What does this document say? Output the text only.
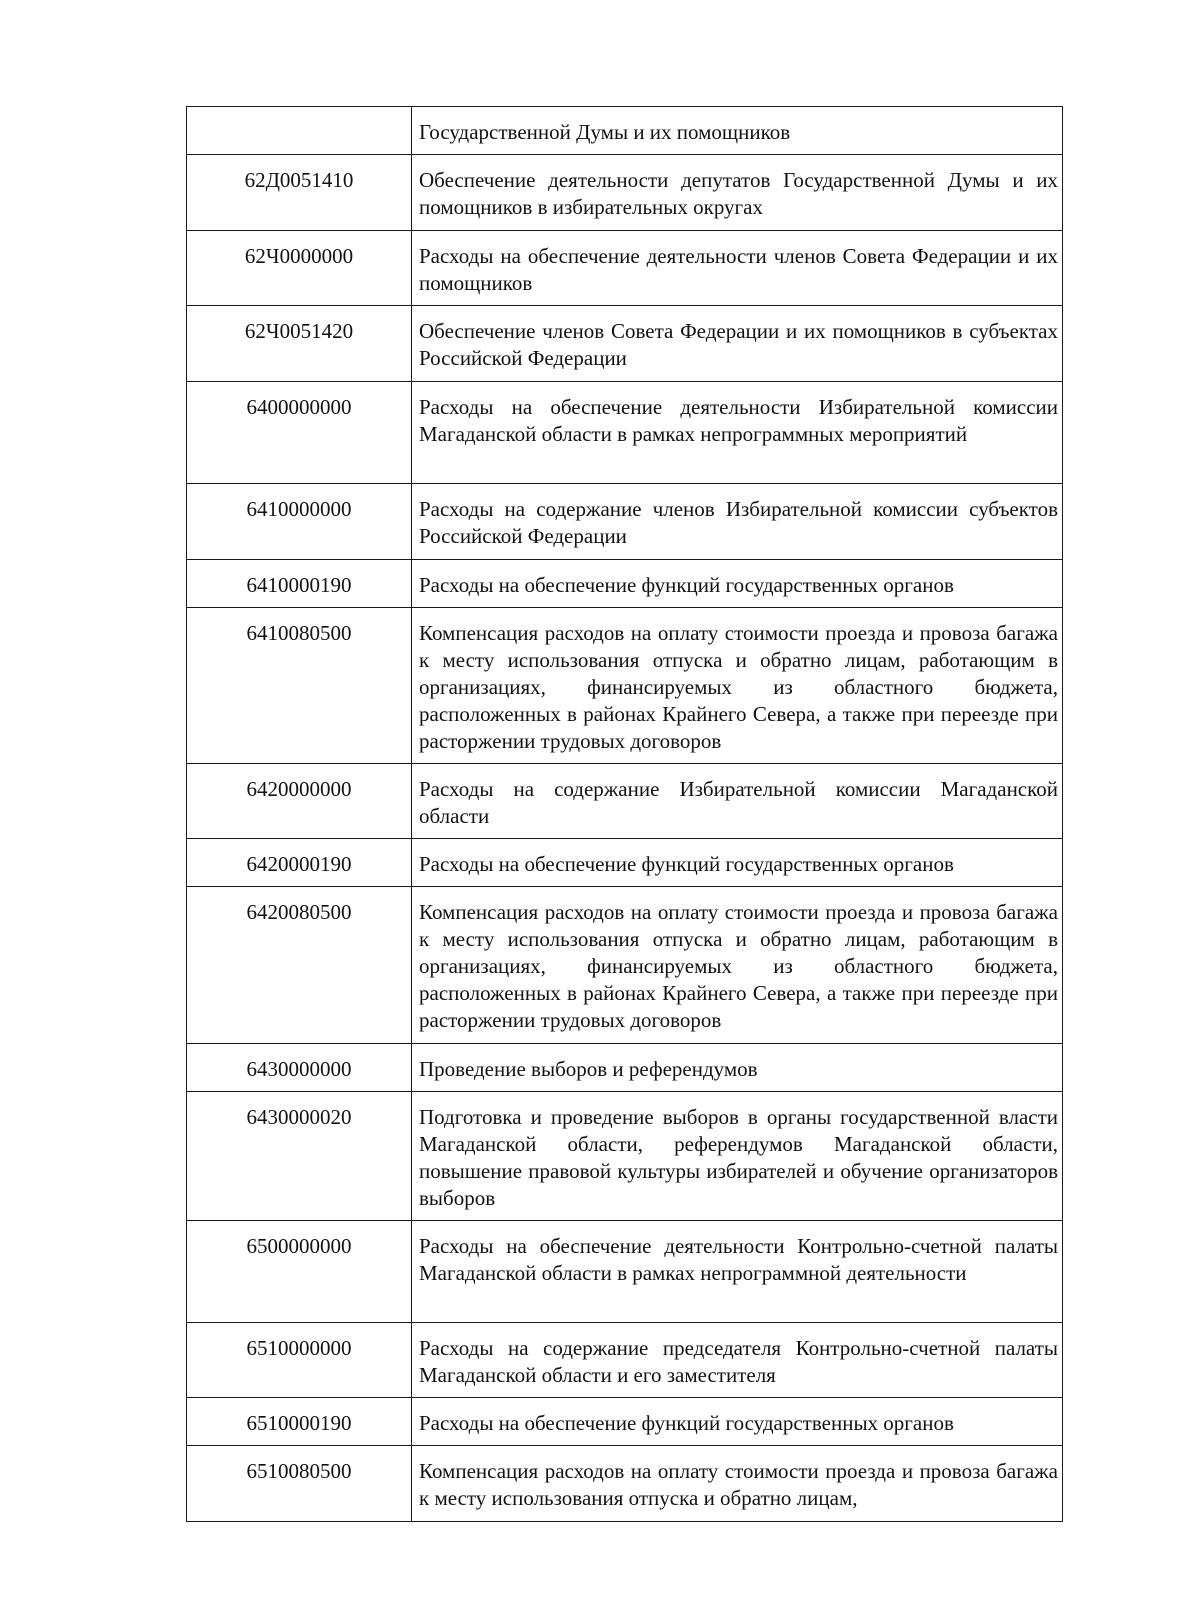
	Государственной Думы и их помощников
62Д0051410	Обеспечение деятельности депутатов Государственной Думы и их помощников в избирательных округах
62Ч0000000	Расходы на обеспечение деятельности членов Совета Федерации и их помощников
62Ч0051420	Обеспечение членов Совета Федерации и их помощников в субъектах Российской Федерации
6400000000	Расходы на обеспечение деятельности Избирательной комиссии Магаданской области в рамках непрограммных мероприятий
6410000000	Расходы на содержание членов Избирательной комиссии субъектов Российской Федерации
6410000190	Расходы на обеспечение функций государственных органов
6410080500	Компенсация расходов на оплату стоимости проезда и провоза багажа к месту использования отпуска и обратно лицам, работающим в организациях, финансируемых из областного бюджета, расположенных в районах Крайнего Севера, а также при переезде при расторжении трудовых договоров
6420000000	Расходы на содержание Избирательной комиссии Магаданской области
6420000190	Расходы на обеспечение функций государственных органов
6420080500	Компенсация расходов на оплату стоимости проезда и провоза багажа к месту использования отпуска и обратно лицам, работающим в организациях, финансируемых из областного бюджета, расположенных в районах Крайнего Севера, а также при переезде при расторжении трудовых договоров
6430000000	Проведение выборов и референдумов
6430000020	Подготовка и проведение выборов в органы государственной власти Магаданской области, референдумов Магаданской области, повышение правовой культуры избирателей и обучение организаторов выборов
6500000000	Расходы на обеспечение деятельности Контрольно-счетной палаты Магаданской области в рамках непрограммной деятельности
6510000000	Расходы на содержание председателя Контрольно-счетной палаты Магаданской области и его заместителя
6510000190	Расходы на обеспечение функций государственных органов
6510080500	Компенсация расходов на оплату стоимости проезда и провоза багажа к месту использования отпуска и обратно лицам,
